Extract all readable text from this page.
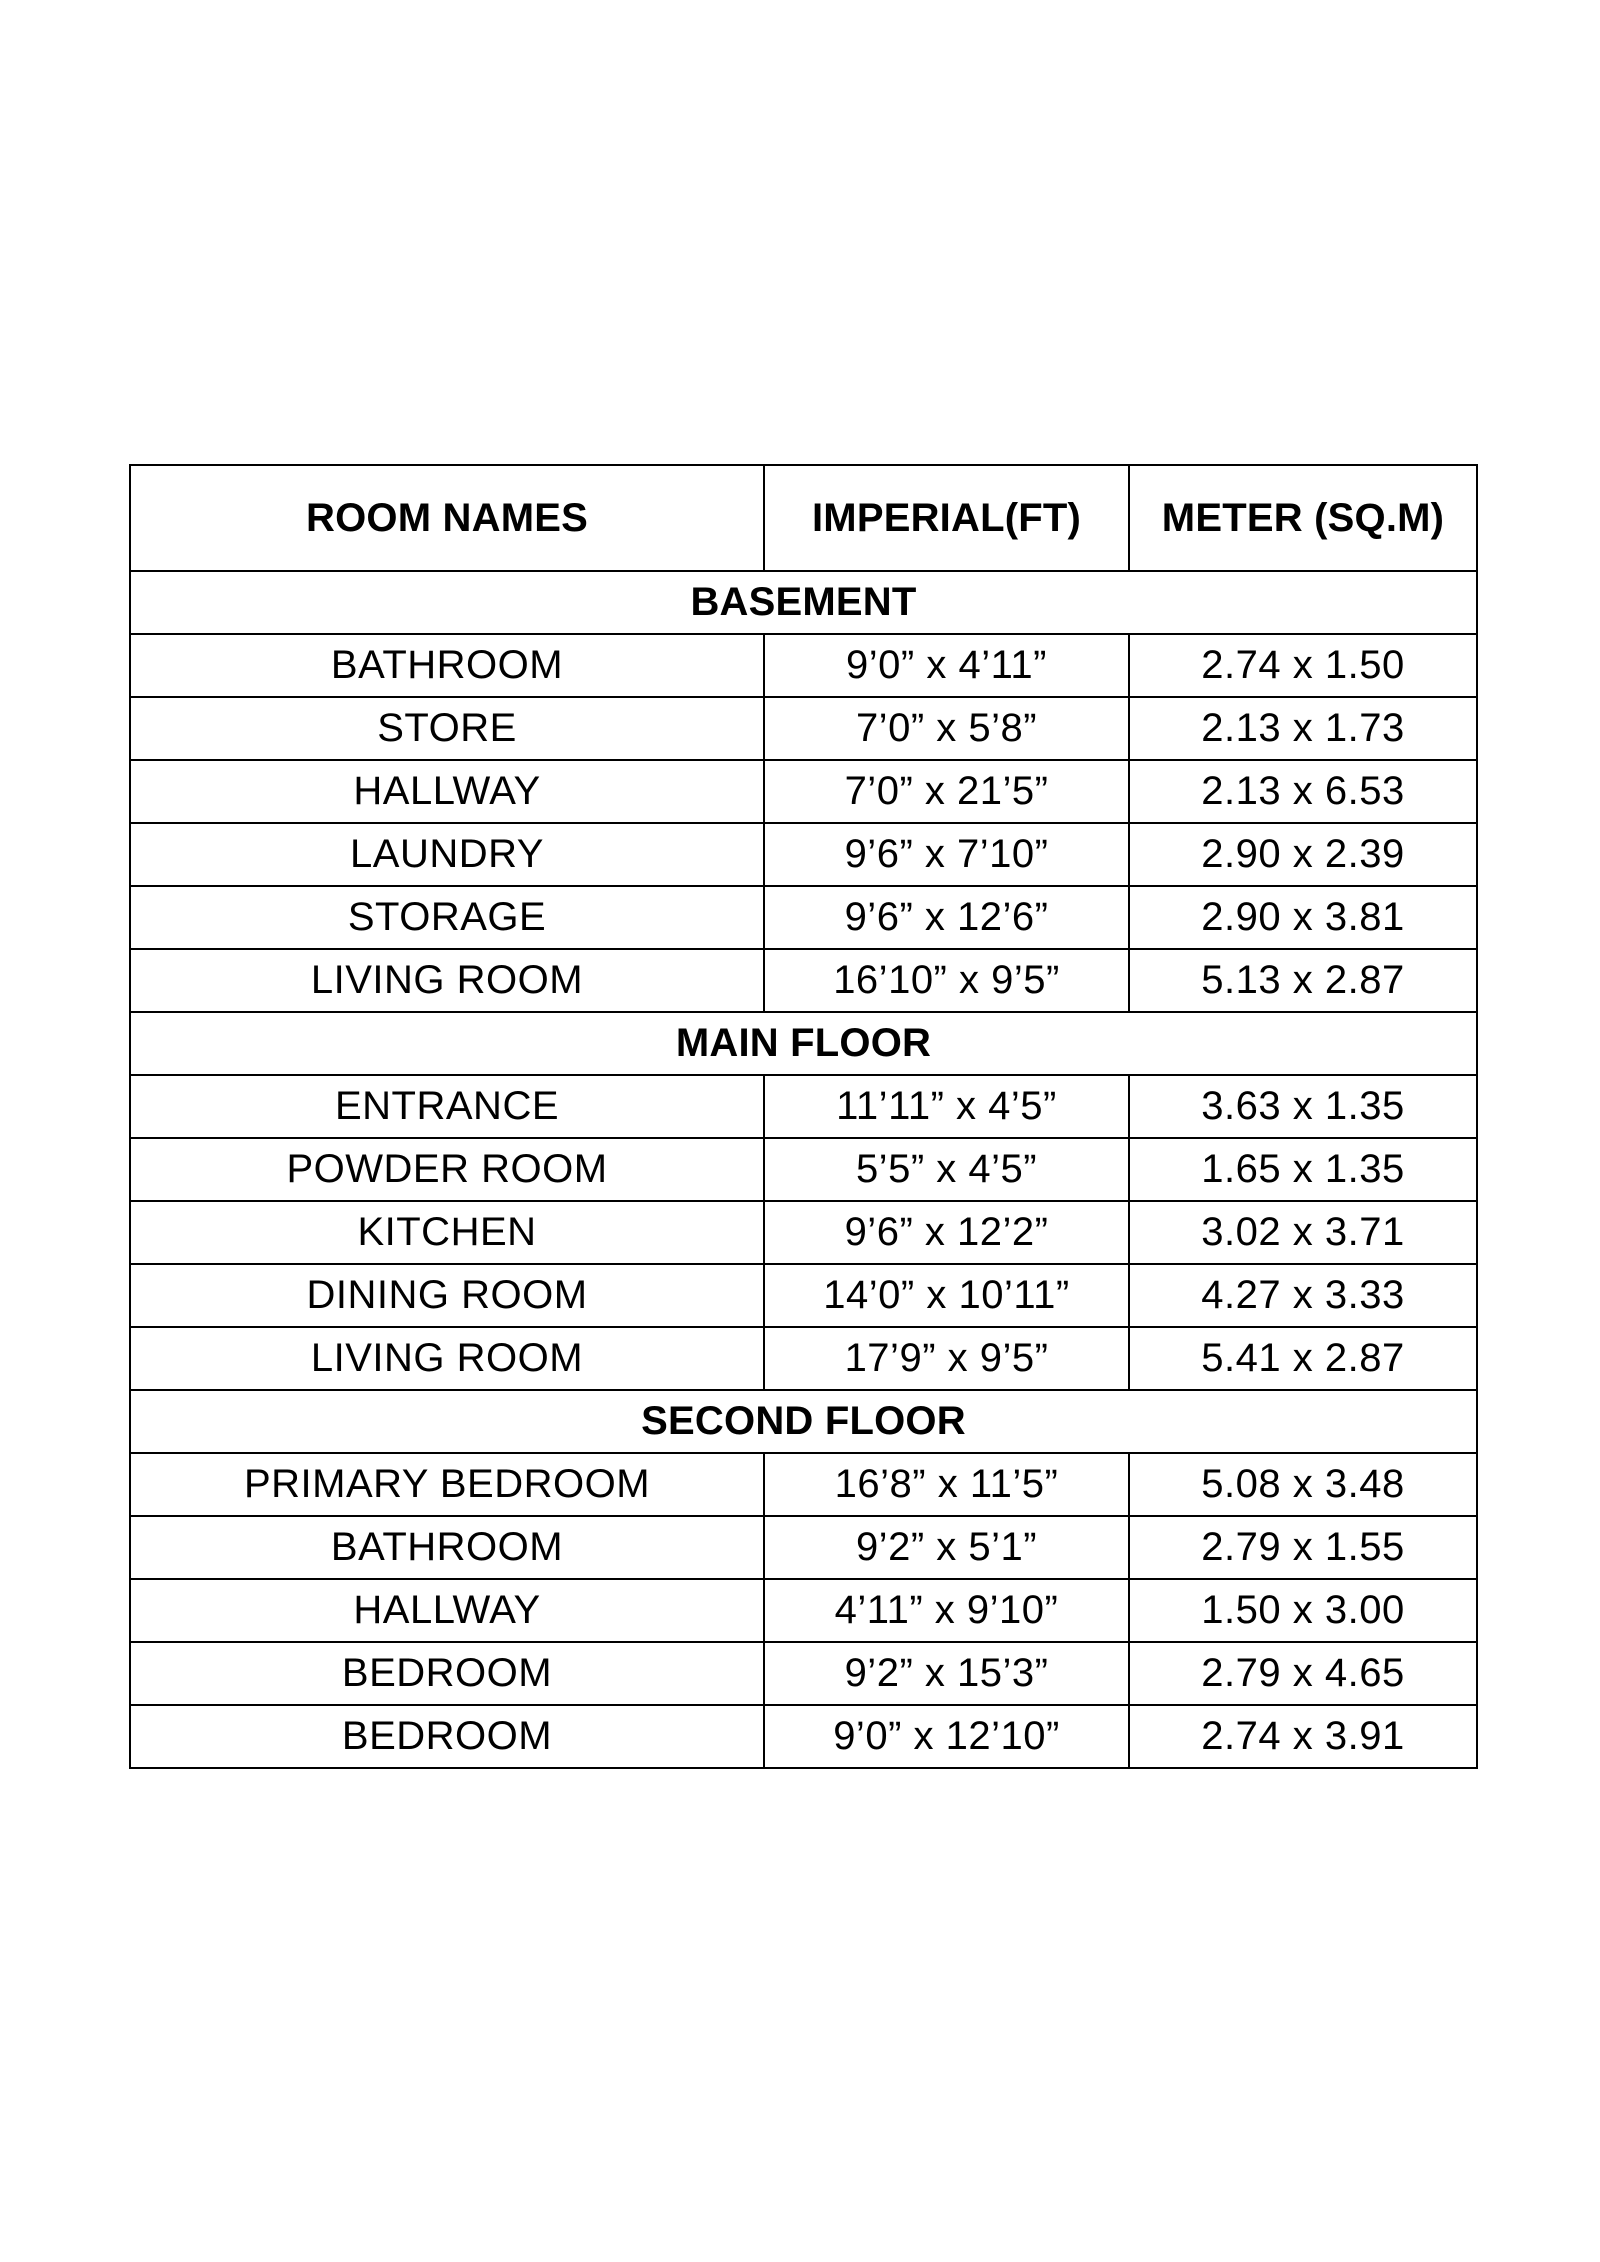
ROOM NAMES	IMPERIAL(FT)	METER (SQ.M)
BASEMENT		
BATHROOM	9’0” x 4’11”	2.74 x 1.50
STORE	7’0” x 5’8”	2.13 x 1.73
HALLWAY	7’0” x 21’5”	2.13 x 6.53
LAUNDRY	9’6” x 7’10”	2.90 x 2.39
STORAGE	9’6” x 12’6”	2.90 x 3.81
LIVING ROOM	16’10” x 9’5”	5.13 x 2.87
MAIN FLOOR		
ENTRANCE	11’11” x 4’5”	3.63 x 1.35
POWDER ROOM	5’5” x 4’5”	1.65 x 1.35
KITCHEN	9’6” x 12’2”	3.02 x 3.71
DINING ROOM	14’0” x 10’11”	4.27 x 3.33
LIVING ROOM	17’9” x 9’5”	5.41 x 2.87
SECOND FLOOR		
PRIMARY BEDROOM	16’8” x 11’5”	5.08 x 3.48
BATHROOM	9’2” x 5’1”	2.79 x 1.55
HALLWAY	4’11” x 9’10”	1.50 x 3.00
BEDROOM	9’2” x 15’3”	2.79 x 4.65
BEDROOM	9’0” x 12’10”	2.74 x 3.91
